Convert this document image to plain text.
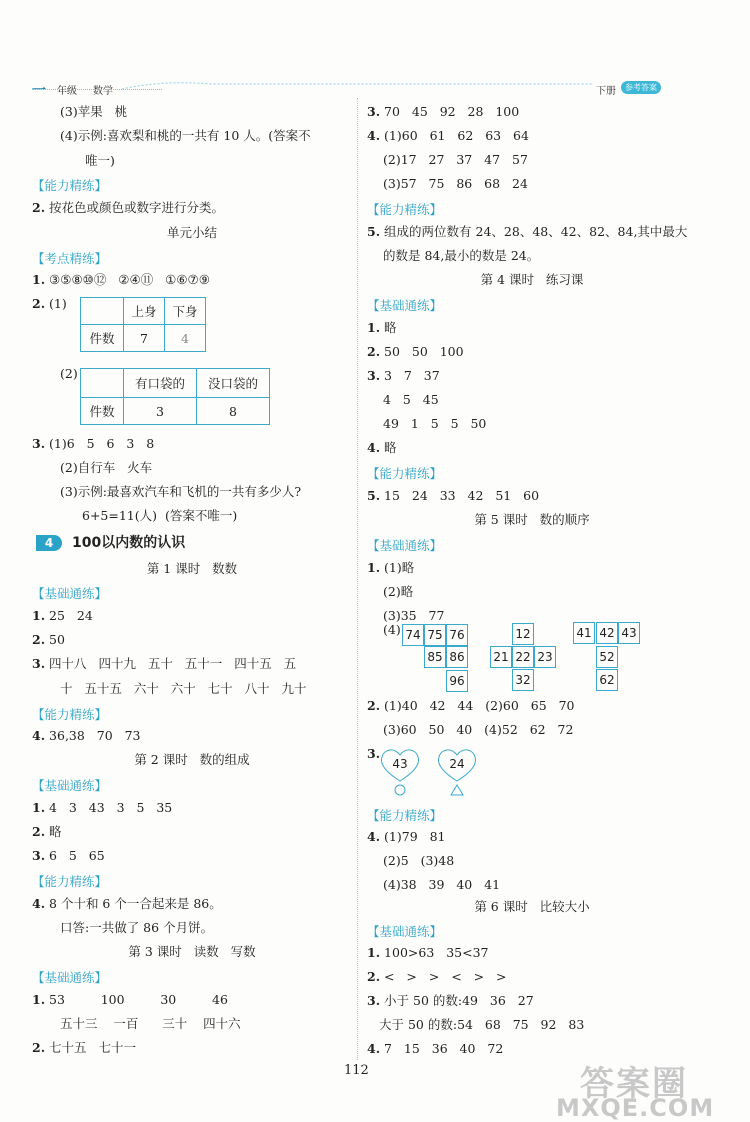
一 年级 数学	下册	参考答案
(3)苹果   桃
(4)示例:喜欢梨和桃的一共有 10 人。(答案不
唯一)
【能力精练】
2. 按花色或颜色或数字进行分类。
单元小结
【考点精练】
1. ③⑤⑧⑩⑫   ②④⑪   ①⑥⑦⑨
2. (1)
	上身	下身
件数	7	4
(2)
	有口袋的	没口袋的
件数	3	8
3. (1)6   5   6   3   8
(2)自行车   火车
(3)示例:最喜欢汽车和飞机的一共有多少人?
6+5=11(人)  (答案不唯一)
4 100以内数的认识
第 1 课时   数数
【基础通练】
1. 25   24
2. 50
3. 四十八   四十九   五十   五十一   四十五   五
十   五十五   六十   六十   七十   八十   九十
【能力精练】
4. 36,38   70   73
第 2 课时   数的组成
【基础通练】
1. 4   3   43   3   5   35
2. 略
3. 6   5   65
【能力精练】
4. 8 个十和 6 个一合起来是 86。
口答:一共做了 86 个月饼。
第 3 课时   读数   写数
【基础通练】
1. 53         100         30         46
五十三    一百      三十    四十六
2. 七十五   七十一
3. 70   45   92   28   100
4. (1)60   61   62   63   64
(2)17   27   37   47   57
(3)57   75   86   68   24
【能力精练】
5. 组成的两位数有 24、28、48、42、82、84,其中最大
的数是 84,最小的数是 24。
第 4 课时   练习课
【基础通练】
1. 略
2. 50   50   100
3. 3   7   37
4   5   45
49   1   5   5   50
4. 略
【能力精练】
5. 15   24   33   42   51   60
第 5 课时   数的顺序
【基础通练】
1. (1)略
(2)略
(3)35   77
(4) 74 75 76
85 86
96
12
21 22 23
32
41 42 43
52
62
2. (1)40   42   44   (2)60   65   70
(3)60   50   40   (4)52   62   72
3.
43	24
【能力精练】
4. (1)79   81
(2)5   (3)48
(4)38   39   40   41
第 6 课时   比较大小
【基础通练】
1. 100>63   35<37
2. <   >   >   <   >   >
3. 小于 50 的数:49   36   27
大于 50 的数:54   68   75   92   83
4. 7   15   36   40   72
112	答案圈
MXQE.COM
